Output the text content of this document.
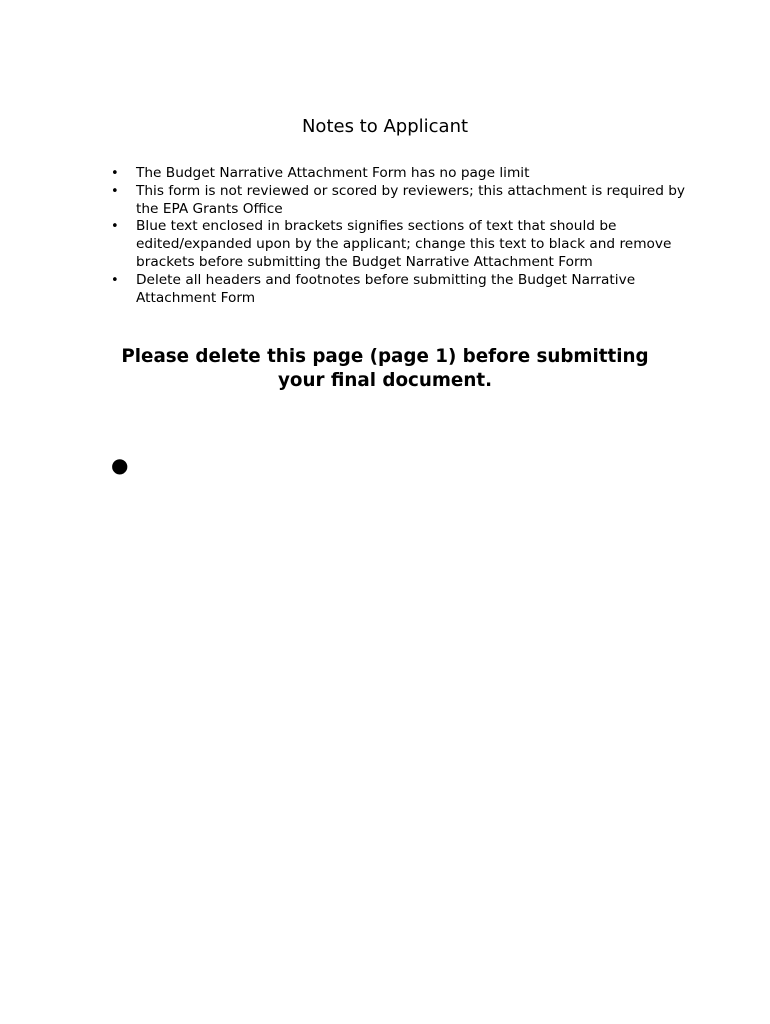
Notes to Applicant
• The Budget Narrative Attachment Form has no page limit
• This form is not reviewed or scored by reviewers; this attachment is required by the EPA Grants Office
• Blue text enclosed in brackets signifies sections of text that should be edited/expanded upon by the applicant; change this text to black and remove brackets before submitting the Budget Narrative Attachment Form
• Delete all headers and footnotes before submitting the Budget Narrative Attachment Form
Please delete this page (page 1) before submitting your final document.
●
